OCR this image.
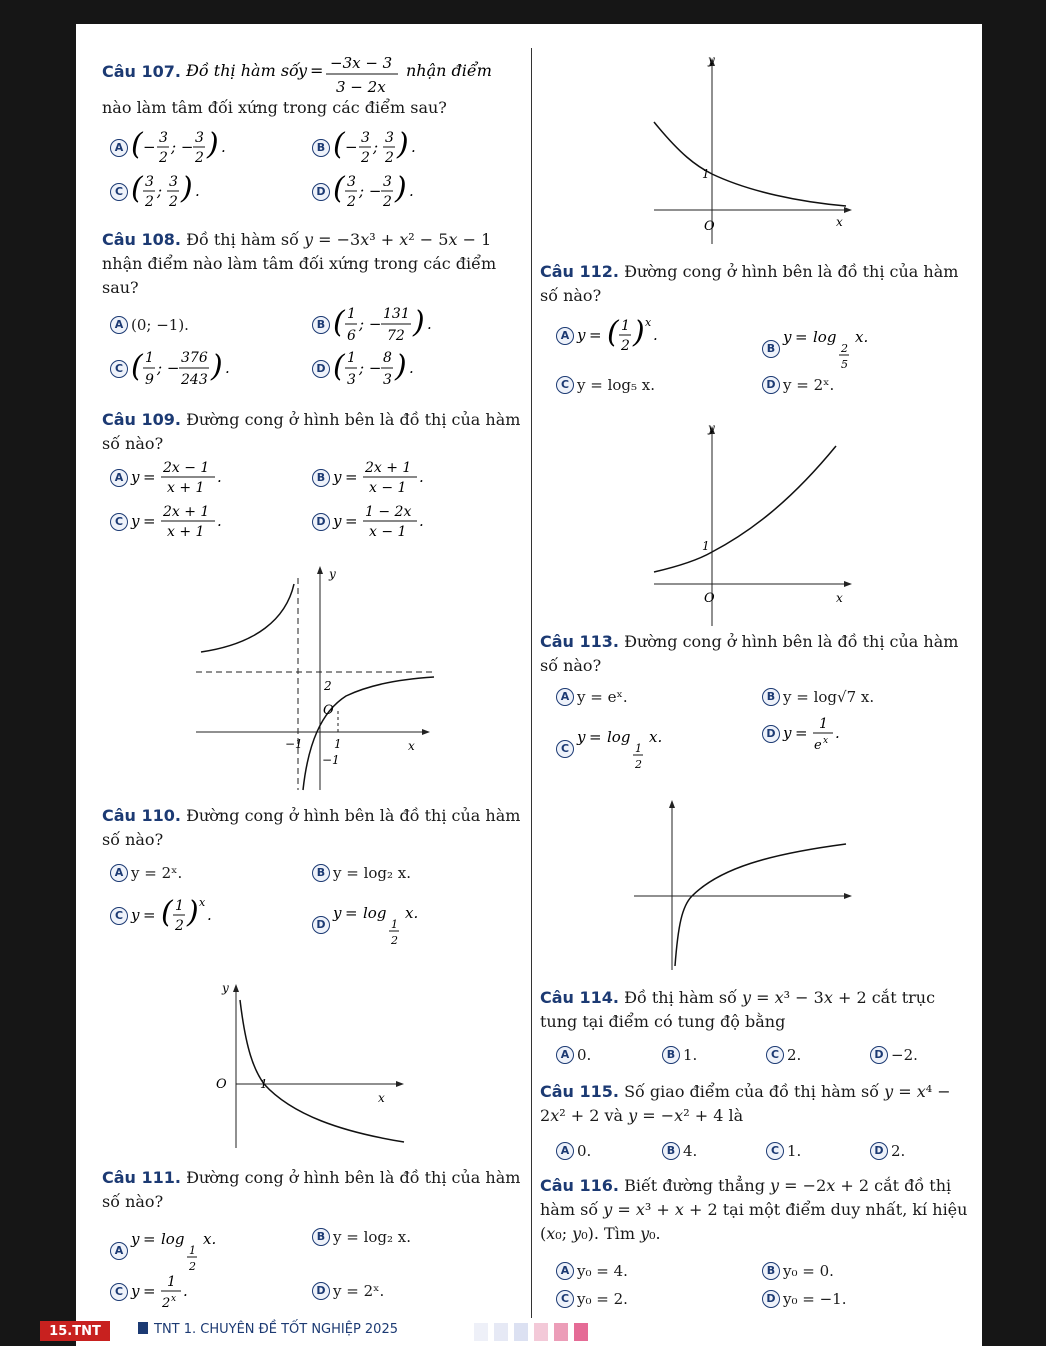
Câu 107. Đồ thị hàm số y = −3x − 3
3 − 2x
nhận điểm
nào làm tâm đối xứng trong các điểm sau?
A ( − 3
2
; − 3
2 ) .	B ( − 3
2
; 3
2 ) .
C ( 3
2
; 3
2 ) .	D ( 3
2
; − 3
2 ) .
Câu 108. Đồ thị hàm số y = −3x³ + x² − 5x − 1 nhận điểm nào làm tâm đối xứng trong các điểm sau?
A (0; −1).	B ( 1
6
; −
131
72 ) .
C ( 1
9
; −
376
243 ) .	D ( 1
3
; −
8
3 ) .
Câu 109. Đường cong ở hình bên là đồ thị của hàm số nào?
A y = 2x − 1
x + 1
.	B y = 2x + 1
x − 1
.
C y = 2x + 1
x + 1
.	D y = 1 − 2x
x − 1
.
y
x
O
2
1
−1
−1
Câu 110. Đường cong ở hình bên là đồ thị của hàm số nào?
A y = 2ˣ.	B y = log₂ x.
C y = ( 1
2 ) x
.
D
y = log
1
2
x.
y
x
O	1
Câu 111. Đường cong ở hình bên là đồ thị của hàm số nào?
A
y = log
1
2
x.	B y = log₂ x.
C y = 1
2 x .	D y = 2ˣ.
y
x
O
1
Câu 112. Đường cong ở hình bên là đồ thị của hàm số nào?
A y = ( 1
2 ) x
.
B
y = log
2
5
x.
C y = log₅ x.	D y = 2ˣ.
y
x
O
1
Câu 113. Đường cong ở hình bên là đồ thị của hàm số nào?
A y = eˣ.	B y = log√7 x.
C
y = log
1
2
x.	D y = 1
e x .
Câu 114. Đồ thị hàm số y = x³ − 3x + 2 cắt trục tung tại điểm có tung độ bằng
A 0.	B 1.	C 2.	D −2.
Câu 115. Số giao điểm của đồ thị hàm số y = x⁴ − 2x² + 2 và y = −x² + 4 là
A 0.	B 4.	C 1.	D 2.
Câu 116. Biết đường thẳng y = −2x + 2 cắt đồ thị hàm số y = x³ + x + 2 tại một điểm duy nhất, kí hiệu (x₀; y₀). Tìm y₀.
A y₀ = 4.	B y₀ = 0.
C y₀ = 2.	D y₀ = −1.
15.TNT	TNT 1. CHUYÊN ĐỀ TỐT NGHIỆP 2025
